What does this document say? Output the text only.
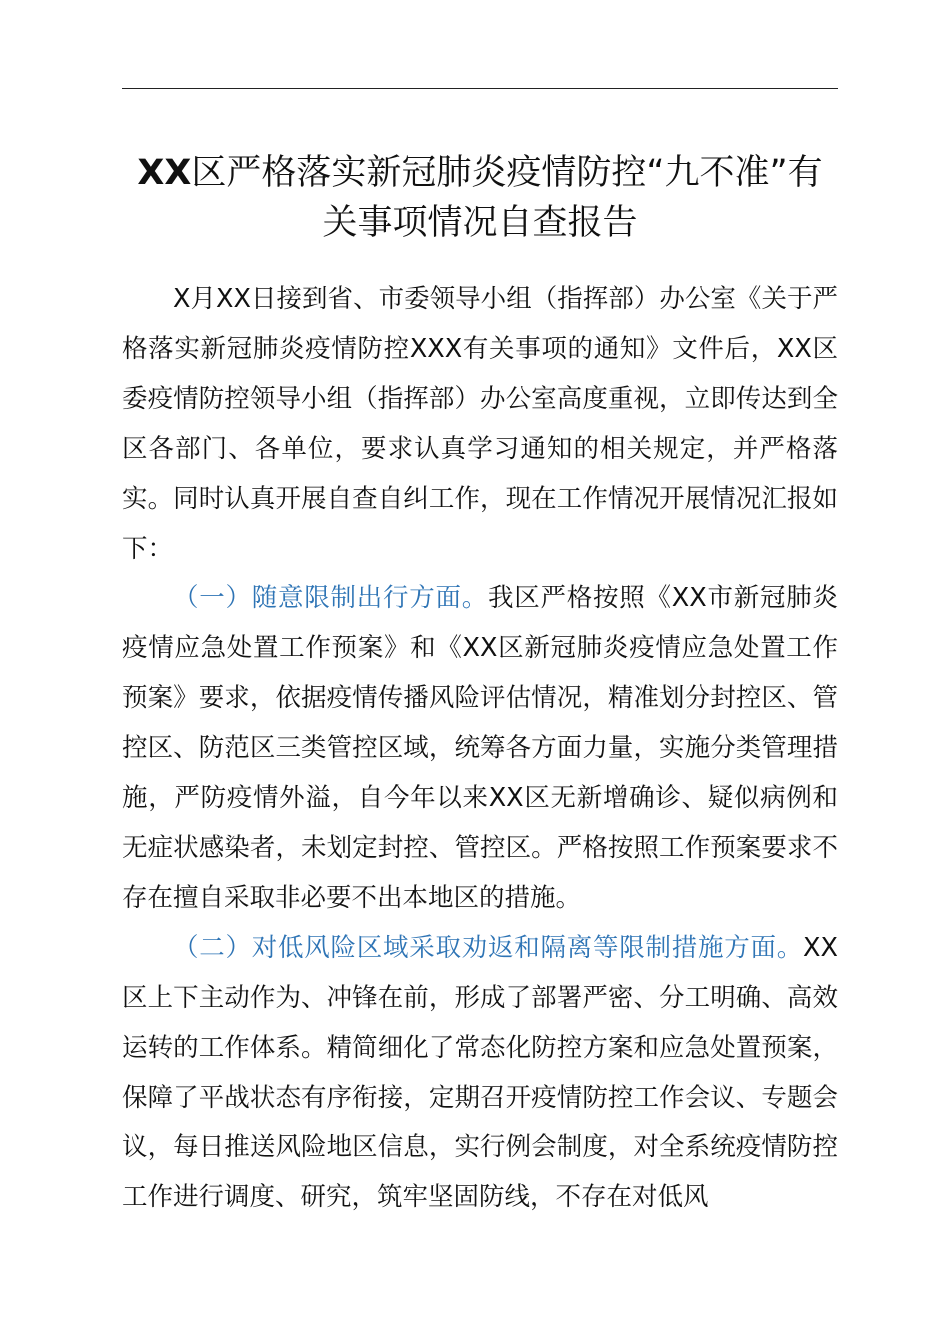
XX区严格落实新冠肺炎疫情防控“九不准”有
关事项情况自查报告

X月XX日接到省、市委领导小组（指挥部）办公室《关于严格落实新冠肺炎疫情防控XXX有关事项的通知》文件后，XX区委疫情防控领导小组（指挥部）办公室高度重视，立即传达到全区各部门、各单位，要求认真学习通知的相关规定，并严格落实。同时认真开展自查自纠工作，现在工作情况开展情况汇报如下：

（一）随意限制出行方面。我区严格按照《XX市新冠肺炎疫情应急处置工作预案》和《XX区新冠肺炎疫情应急处置工作预案》要求，依据疫情传播风险评估情况，精准划分封控区、管控区、防范区三类管控区域，统筹各方面力量，实施分类管理措施，严防疫情外溢，自今年以来XX区无新增确诊、疑似病例和无症状感染者，未划定封控、管控区。严格按照工作预案要求不存在擅自采取非必要不出本地区的措施。

（二）对低风险区域采取劝返和隔离等限制措施方面。XX区上下主动作为、冲锋在前，形成了部署严密、分工明确、高效运转的工作体系。精简细化了常态化防控方案和应急处置预案，保障了平战状态有序衔接，定期召开疫情防控工作会议、专题会议，每日推送风险地区信息，实行例会制度，对全系统疫情防控工作进行调度、研究，筑牢坚固防线，不存在对低风
